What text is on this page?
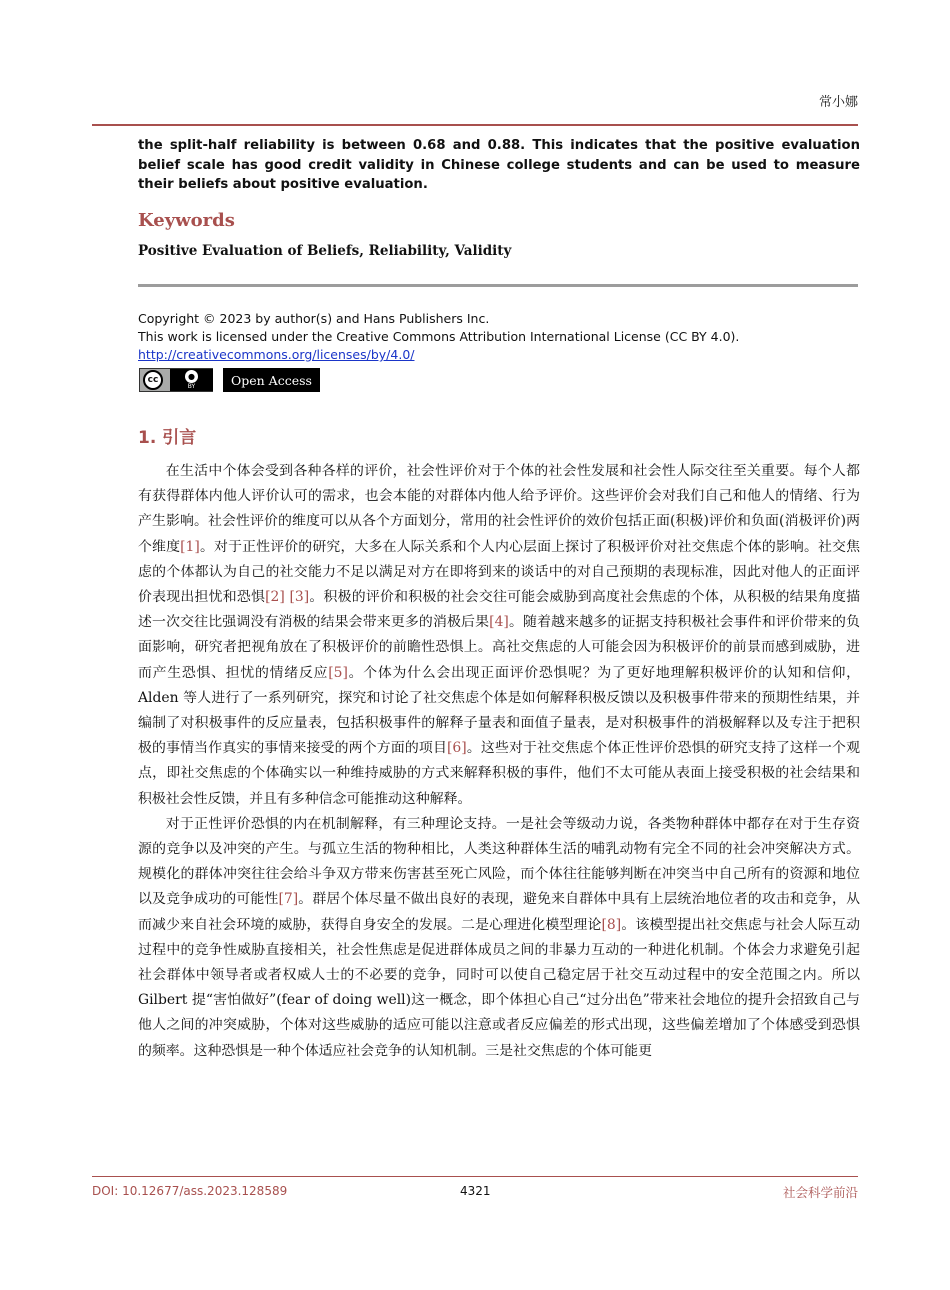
常小娜
the split-half reliability is between 0.68 and 0.88. This indicates that the positive evaluation belief scale has good credit validity in Chinese college students and can be used to measure their beliefs about positive evaluation.
Keywords
Positive Evaluation of Beliefs, Reliability, Validity
Copyright © 2023 by author(s) and Hans Publishers Inc.
This work is licensed under the Creative Commons Attribution International License (CC BY 4.0).
http://creativecommons.org/licenses/by/4.0/
cc	●
BY	Open Access
1. 引言

在生活中个体会受到各种各样的评价，社会性评价对于个体的社会性发展和社会性人际交往至关重要。每个人都有获得群体内他人评价认可的需求，也会本能的对群体内他人给予评价。这些评价会对我们自己和他人的情绪、行为产生影响。社会性评价的维度可以从各个方面划分，常用的社会性评价的效价包括正面(积极)评价和负面(消极评价)两个维度[1]。对于正性评价的研究，大多在人际关系和个人内心层面上探讨了积极评价对社交焦虑个体的影响。社交焦虑的个体都认为自己的社交能力不足以满足对方在即将到来的谈话中的对自己预期的表现标准，因此对他人的正面评价表现出担忧和恐惧[2] [3]。积极的评价和积极的社会交往可能会威胁到高度社会焦虑的个体，从积极的结果角度描述一次交往比强调没有消极的结果会带来更多的消极后果[4]。随着越来越多的证据支持积极社会事件和评价带来的负面影响，研究者把视角放在了积极评价的前瞻性恐惧上。高社交焦虑的人可能会因为积极评价的前景而感到威胁，进而产生恐惧、担忧的情绪反应[5]。个体为什么会出现正面评价恐惧呢？为了更好地理解积极评价的认知和信仰，Alden 等人进行了一系列研究，探究和讨论了社交焦虑个体是如何解释积极反馈以及积极事件带来的预期性结果，并编制了对积极事件的反应量表，包括积极事件的解释子量表和面值子量表，是对积极事件的消极解释以及专注于把积极的事情当作真实的事情来接受的两个方面的项目[6]。这些对于社交焦虑个体正性评价恐惧的研究支持了这样一个观点，即社交焦虑的个体确实以一种维持威胁的方式来解释积极的事件，他们不太可能从表面上接受积极的社会结果和积极社会性反馈，并且有多种信念可能推动这种解释。

对于正性评价恐惧的内在机制解释，有三种理论支持。一是社会等级动力说，各类物种群体中都存在对于生存资源的竞争以及冲突的产生。与孤立生活的物种相比，人类这种群体生活的哺乳动物有完全不同的社会冲突解决方式。规模化的群体冲突往往会给斗争双方带来伤害甚至死亡风险，而个体往往能够判断在冲突当中自己所有的资源和地位以及竞争成功的可能性[7]。群居个体尽量不做出良好的表现，避免来自群体中具有上层统治地位者的攻击和竞争，从而减少来自社会环境的威胁，获得自身安全的发展。二是心理进化模型理论[8]。该模型提出社交焦虑与社会人际互动过程中的竞争性威胁直接相关，社会性焦虑是促进群体成员之间的非暴力互动的一种进化机制。个体会力求避免引起社会群体中领导者或者权威人士的不必要的竞争，同时可以使自己稳定居于社交互动过程中的安全范围之内。所以 Gilbert 提“害怕做好”(fear of doing well)这一概念，即个体担心自己“过分出色”带来社会地位的提升会招致自己与他人之间的冲突威胁，个体对这些威胁的适应可能以注意或者反应偏差的形式出现，这些偏差增加了个体感受到恐惧的频率。这种恐惧是一种个体适应社会竞争的认知机制。三是社交焦虑的个体可能更

DOI: 10.12677/ass.2023.128589	4321	社会科学前沿
